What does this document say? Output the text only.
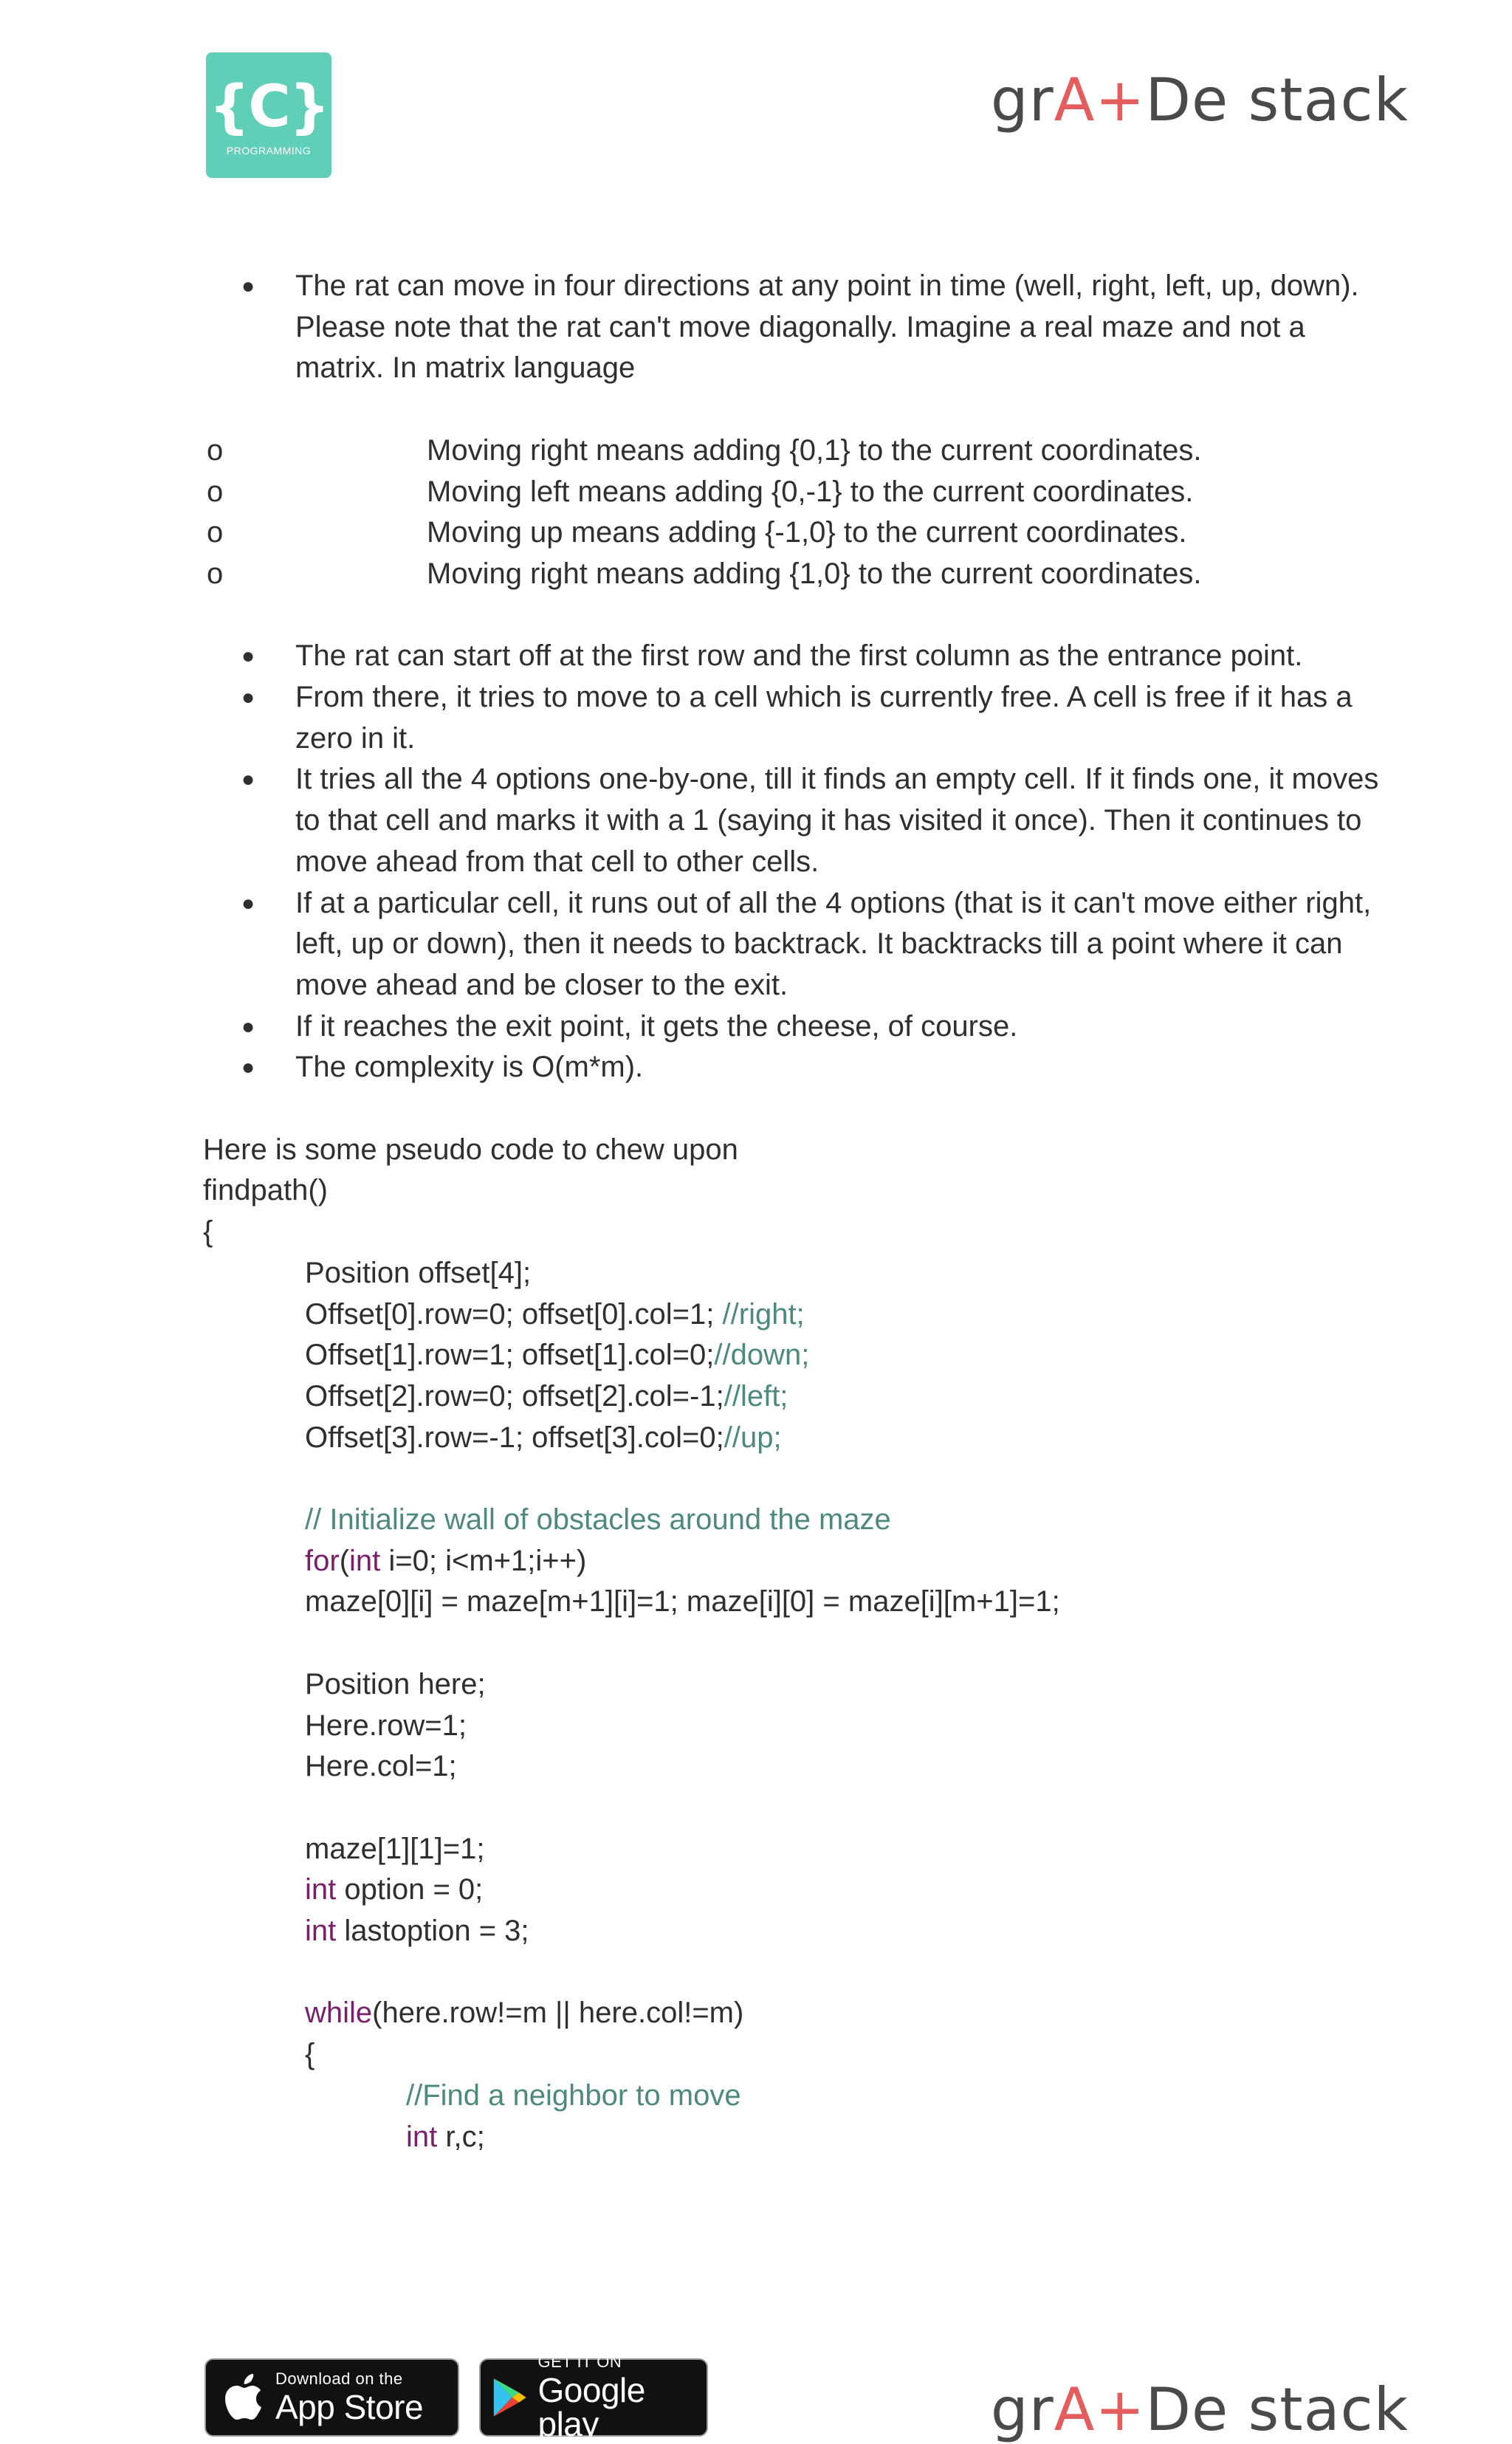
{C}
PROGRAMMING
grA+De stack
● The rat can move in four directions at any point in time (well, right, left, up, down). Please note that the rat can't move diagonally. Imagine a real maze and not a matrix. In matrix language
o	Moving right means adding {0,1} to the current coordinates.
o	Moving left means adding {0,-1} to the current coordinates.
o	Moving up means adding {-1,0} to the current coordinates.
o	Moving right means adding {1,0} to the current coordinates.
● The rat can start off at the first row and the first column as the entrance point.
● From there, it tries to move to a cell which is currently free. A cell is free if it has a zero in it.
● It tries all the 4 options one-by-one, till it finds an empty cell. If it finds one, it moves to that cell and marks it with a 1 (saying it has visited it once). Then it continues to move ahead from that cell to other cells.
● If at a particular cell, it runs out of all the 4 options (that is it can't move either right, left, up or down), then it needs to backtrack. It backtracks till a point where it can move ahead and be closer to the exit.
● If it reaches the exit point, it gets the cheese, of course.
● The complexity is O(m*m).
Here is some pseudo code to chew upon
findpath()
{
Position offset[4];
Offset[0].row=0; offset[0].col=1; //right;
Offset[1].row=1; offset[1].col=0;//down;
Offset[2].row=0; offset[2].col=-1;//left;
Offset[3].row=-1; offset[3].col=0;//up;
// Initialize wall of obstacles around the maze
for(int i=0; i<m+1;i++)
maze[0][i] = maze[m+1][i]=1; maze[i][0] = maze[i][m+1]=1;
Position here;
Here.row=1;
Here.col=1;
maze[1][1]=1;
int option = 0;
int lastoption = 3;
while(here.row!=m || here.col!=m)
{
//Find a neighbor to move
int r,c;
Download on the
App Store
GET IT ON
Google play	grA+De stack
